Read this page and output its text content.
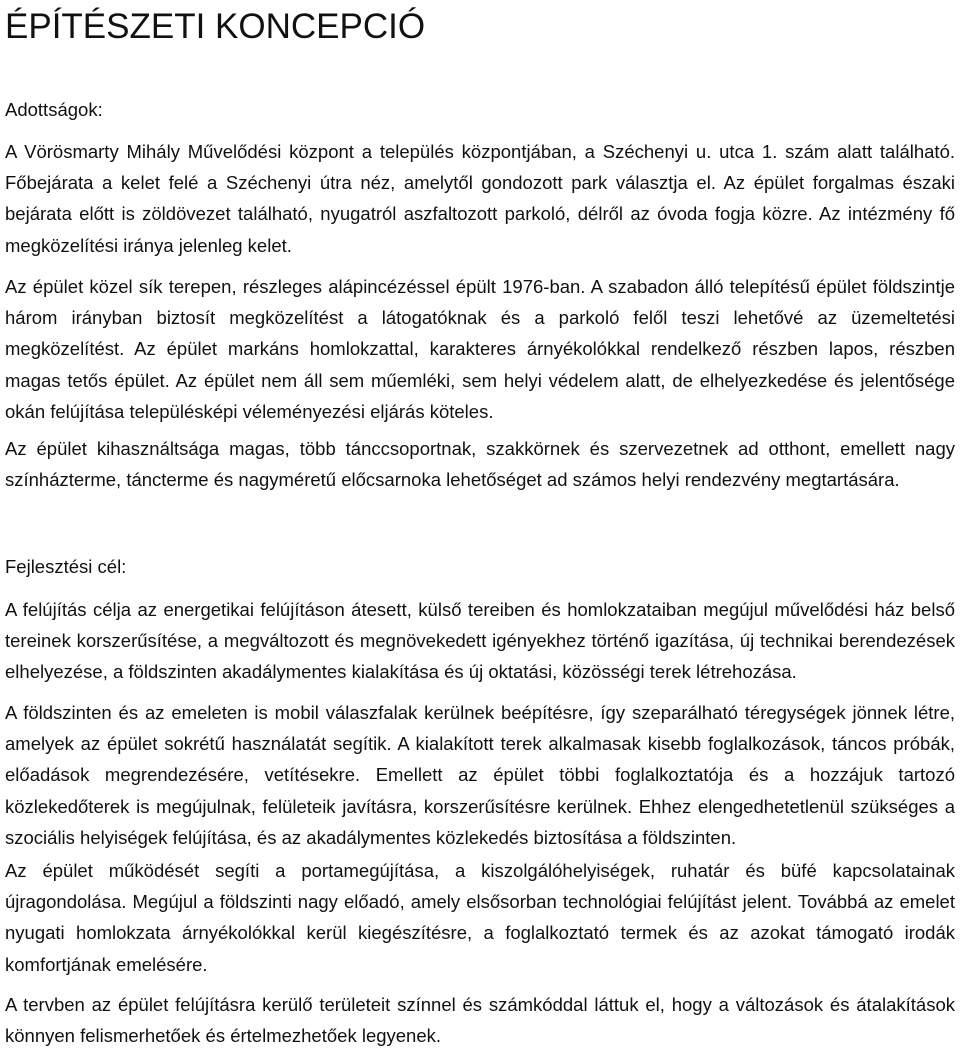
ÉPÍTÉSZETI KONCEPCIÓ
Adottságok:

A Vörösmarty Mihály Művelődési központ a település központjában, a Széchenyi u. utca 1. szám alatt található. Főbejárata a kelet felé a Széchenyi útra néz, amelytől gondozott park választja el. Az épület forgalmas északi bejárata előtt is zöldövezet található, nyugatról aszfaltozott parkoló, délről az óvoda fogja közre. Az intézmény fő megközelítési iránya jelenleg kelet.

Az épület közel sík terepen, részleges alápincézéssel épült 1976-ban. A szabadon álló telepítésű épület földszintje három irányban biztosít megközelítést a látogatóknak és a parkoló felől teszi lehetővé az üzemeltetési megközelítést. Az épület markáns homlokzattal, karakteres árnyékolókkal rendelkező részben lapos, részben magas tetős épület. Az épület nem áll sem műemléki, sem helyi védelem alatt, de elhelyezkedése és jelentősége okán felújítása településképi véleményezési eljárás köteles.

Az épület kihasználtsága magas, több tánccsoportnak, szakkörnek és szervezetnek ad otthont, emellett nagy színházterme, táncterme és nagyméretű előcsarnoka lehetőséget ad számos helyi rendezvény megtartására.

Fejlesztési cél:

A felújítás célja az energetikai felújításon átesett, külső tereiben és homlokzataiban megújul művelődési ház belső tereinek korszerűsítése, a megváltozott és megnövekedett igényekhez történő igazítása, új technikai berendezések elhelyezése, a földszinten akadálymentes kialakítása és új oktatási, közösségi terek létrehozása.

A földszinten és az emeleten is mobil válaszfalak kerülnek beépítésre, így szeparálható téregységek jönnek létre, amelyek az épület sokrétű használatát segítik. A kialakított terek alkalmasak kisebb foglalkozások, táncos próbák, előadások megrendezésére, vetítésekre. Emellett az épület többi foglalkoztatója és a hozzájuk tartozó közlekedőterek is megújulnak, felületeik javításra, korszerűsítésre kerülnek. Ehhez elengedhetetlenül szükséges a szociális helyiségek felújítása, és az akadálymentes közlekedés biztosítása a földszinten.

Az épület működését segíti a portamegújítása, a kiszolgálóhelyiségek, ruhatár és büfé kapcsolatainak újragondolása. Megújul a földszinti nagy előadó, amely elsősorban technológiai felújítást jelent. Továbbá az emelet nyugati homlokzata árnyékolókkal kerül kiegészítésre, a foglalkoztató termek és az azokat támogató irodák komfortjának emelésére.

A tervben az épület felújításra kerülő területeit színnel és számkóddal láttuk el, hogy a változások és átalakítások könnyen felismerhetőek és értelmezhetőek legyenek.
